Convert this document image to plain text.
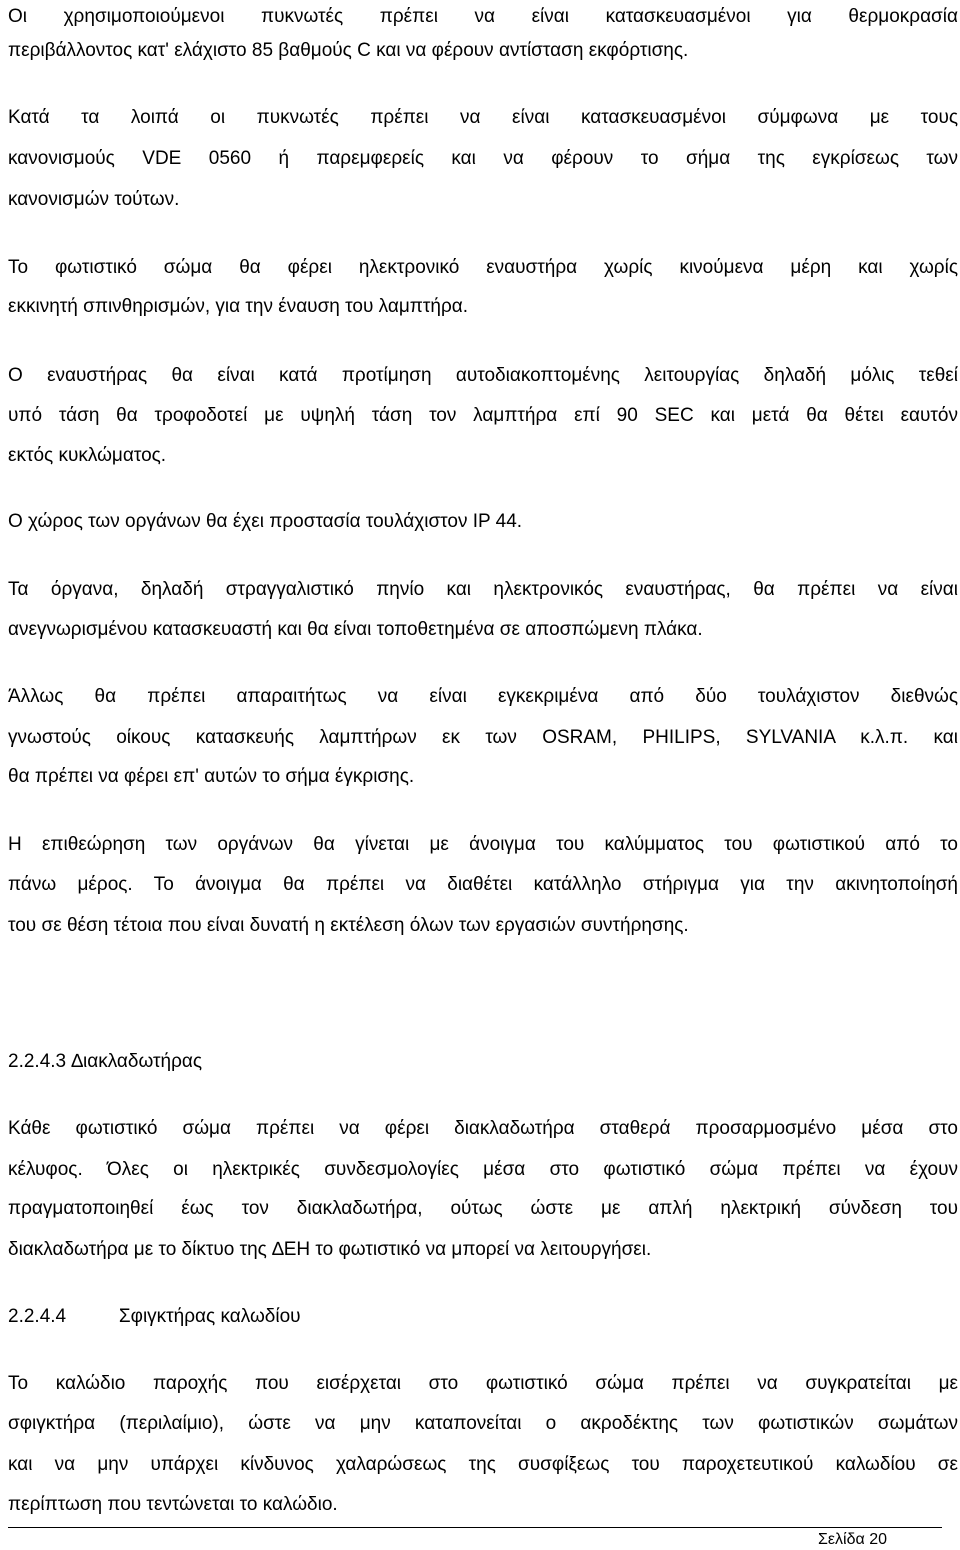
Οι χρησιμοποιούμενοι πυκνωτές πρέπει να είναι κατασκευασμένοι για θερμοκρασία
περιβάλλοντος κατ' ελάχιστο 85 βαθμούς C και να φέρουν αντίσταση εκφόρτισης.
Κατά τα λοιπά οι πυκνωτές πρέπει να είναι κατασκευασμένοι σύμφωνα με τους
κανονισμούς VDE 0560 ή παρεμφερείς και να φέρουν το σήμα της εγκρίσεως των
κανονισμών τούτων.
Το φωτιστικό σώμα θα φέρει ηλεκτρονικό εναυστήρα χωρίς κινούμενα μέρη και χωρίς
εκκινητή σπινθηρισμών, για την έναυση του λαμπτήρα.
Ο εναυστήρας θα είναι κατά προτίμηση αυτοδιακοπτομένης λειτουργίας δηλαδή μόλις τεθεί
υπό τάση θα τροφοδοτεί με υψηλή τάση τον λαμπτήρα επί 90 SEC και μετά θα θέτει εαυτόν
εκτός κυκλώματος.
Ο χώρος των οργάνων θα έχει προστασία τουλάχιστον IP 44.
Τα όργανα, δηλαδή στραγγαλιστικό πηνίο και ηλεκτρονικός εναυστήρας, θα πρέπει να είναι
ανεγνωρισμένου κατασκευαστή και θα είναι τοποθετημένα σε αποσπώμενη πλάκα.
Άλλως θα πρέπει απαραιτήτως να είναι εγκεκριμένα από δύο τουλάχιστον διεθνώς
γνωστούς οίκους κατασκευής λαμπτήρων εκ των OSRAM, PHILIPS, SYLVANIA κ.λ.π. και
θα πρέπει να φέρει επ' αυτών το σήμα έγκρισης.
Η επιθεώρηση των οργάνων θα γίνεται με άνοιγμα του καλύμματος του φωτιστικού από το
πάνω μέρος. Το άνοιγμα θα πρέπει να διαθέτει κατάλληλο στήριγμα για την ακινητοποίησή
του σε θέση τέτοια που είναι δυνατή η εκτέλεση όλων των εργασιών συντήρησης.
2.2.4.3 ∆ιακλαδωτήρας
Κάθε φωτιστικό σώμα πρέπει να φέρει διακλαδωτήρα σταθερά προσαρμοσμένο μέσα στο
κέλυφος. Όλες οι ηλεκτρικές συνδεσμολογίες μέσα στο φωτιστικό σώμα πρέπει να έχουν
πραγματοποιηθεί έως τον διακλαδωτήρα, ούτως ώστε με απλή ηλεκτρική σύνδεση του
διακλαδωτήρα με το δίκτυο της ∆ΕΗ το φωτιστικό να μπορεί να λειτουργήσει.
2.2.4.4          Σφιγκτήρας καλωδίου
Το καλώδιο παροχής που εισέρχεται στο φωτιστικό σώμα πρέπει να συγκρατείται με
σφιγκτήρα (περιλαίμιο), ώστε να μην καταπονείται ο ακροδέκτης των φωτιστικών σωμάτων
και να μην υπάρχει κίνδυνος χαλαρώσεως της συσφίξεως του παροχετευτικού καλωδίου σε
περίπτωση που τεντώνεται το καλώδιο.
Σελίδα 20
